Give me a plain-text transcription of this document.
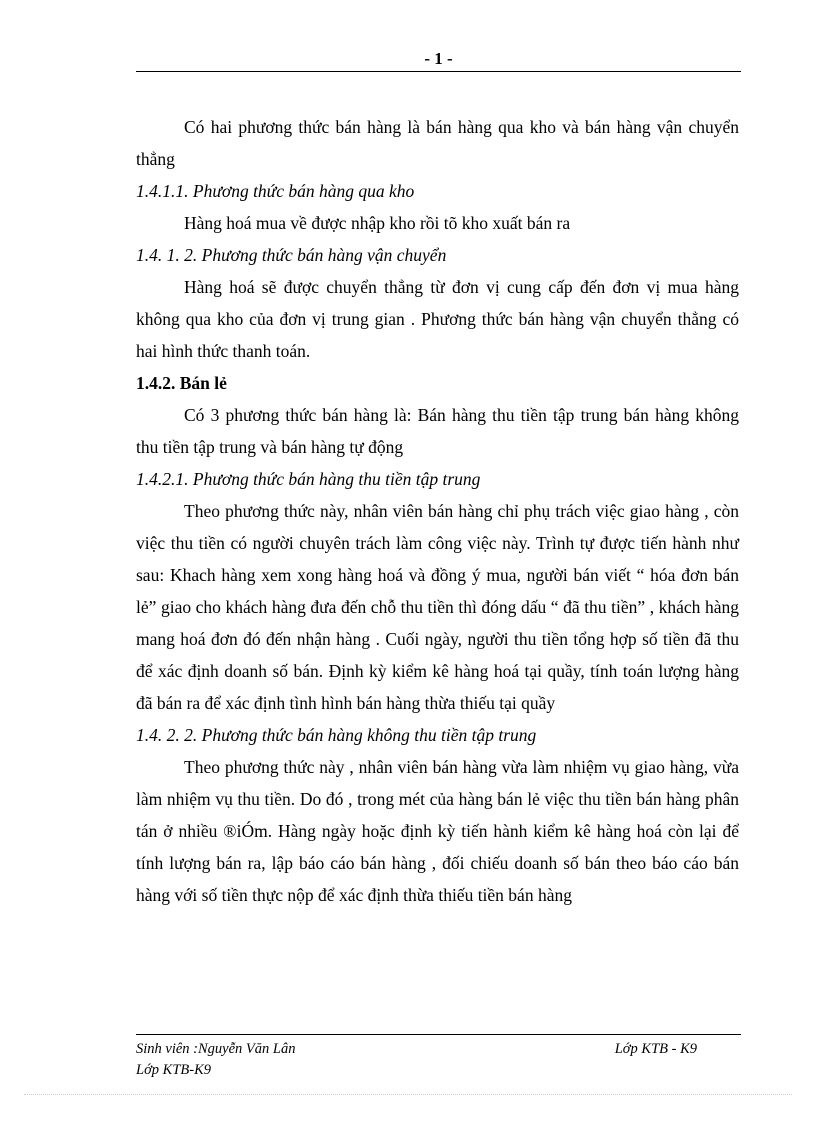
- 1 -

Có hai phương thức bán hàng là bán hàng qua kho và bán hàng vận chuyển thẳng

1.4.1.1. Phương thức bán hàng qua kho

Hàng hoá mua về được nhập kho rồi tõ kho xuất bán ra

1.4. 1. 2. Phương thức bán hàng vận chuyển

Hàng hoá sẽ được chuyển thẳng từ đơn vị cung cấp đến đơn vị mua hàng không qua kho của đơn vị trung gian . Phương thức bán hàng vận chuyển thẳng có hai hình thức thanh toán.

1.4.2. Bán lẻ

Có 3 phương thức bán hàng là: Bán hàng thu tiền tập trung bán hàng không thu tiền tập trung và bán hàng tự động

1.4.2.1. Phương thức bán hàng thu tiền tập trung

Theo phương thức này, nhân viên bán hàng chỉ phụ trách việc giao hàng , còn việc thu tiền có người chuyên trách làm công việc này. Trình tự được tiến hành như sau: Khach hàng xem xong hàng hoá và đồng ý mua, người bán viết “ hóa đơn bán lẻ” giao cho khách hàng đưa đến chỗ thu tiền thì đóng dấu “ đã thu tiền” , khách hàng mang hoá đơn đó đến nhận hàng . Cuối ngày, người thu tiền tổng hợp số tiền đã thu để xác định doanh số bán. Định kỳ kiểm kê hàng hoá tại quầy, tính toán lượng hàng đã bán ra để xác định tình hình bán hàng thừa thiếu tại quầy

1.4. 2. 2. Phương thức bán hàng không thu tiền tập trung

Theo phương thức này , nhân viên bán hàng vừa làm nhiệm vụ giao hàng, vừa làm nhiệm vụ thu tiền. Do đó , trong mét của hàng bán lẻ việc thu tiền bán hàng phân tán ở nhiều ®iÓm. Hàng ngày hoặc định kỳ tiến hành kiểm kê hàng hoá còn lại để tính lượng bán ra, lập báo cáo bán hàng , đối chiếu doanh số bán theo báo cáo bán hàng với số tiền thực nộp để xác định thừa thiếu tiền bán hàng

Sinh viên :Nguyễn Văn Lân
Lớp KTB-K9
Lớp KTB - K9
